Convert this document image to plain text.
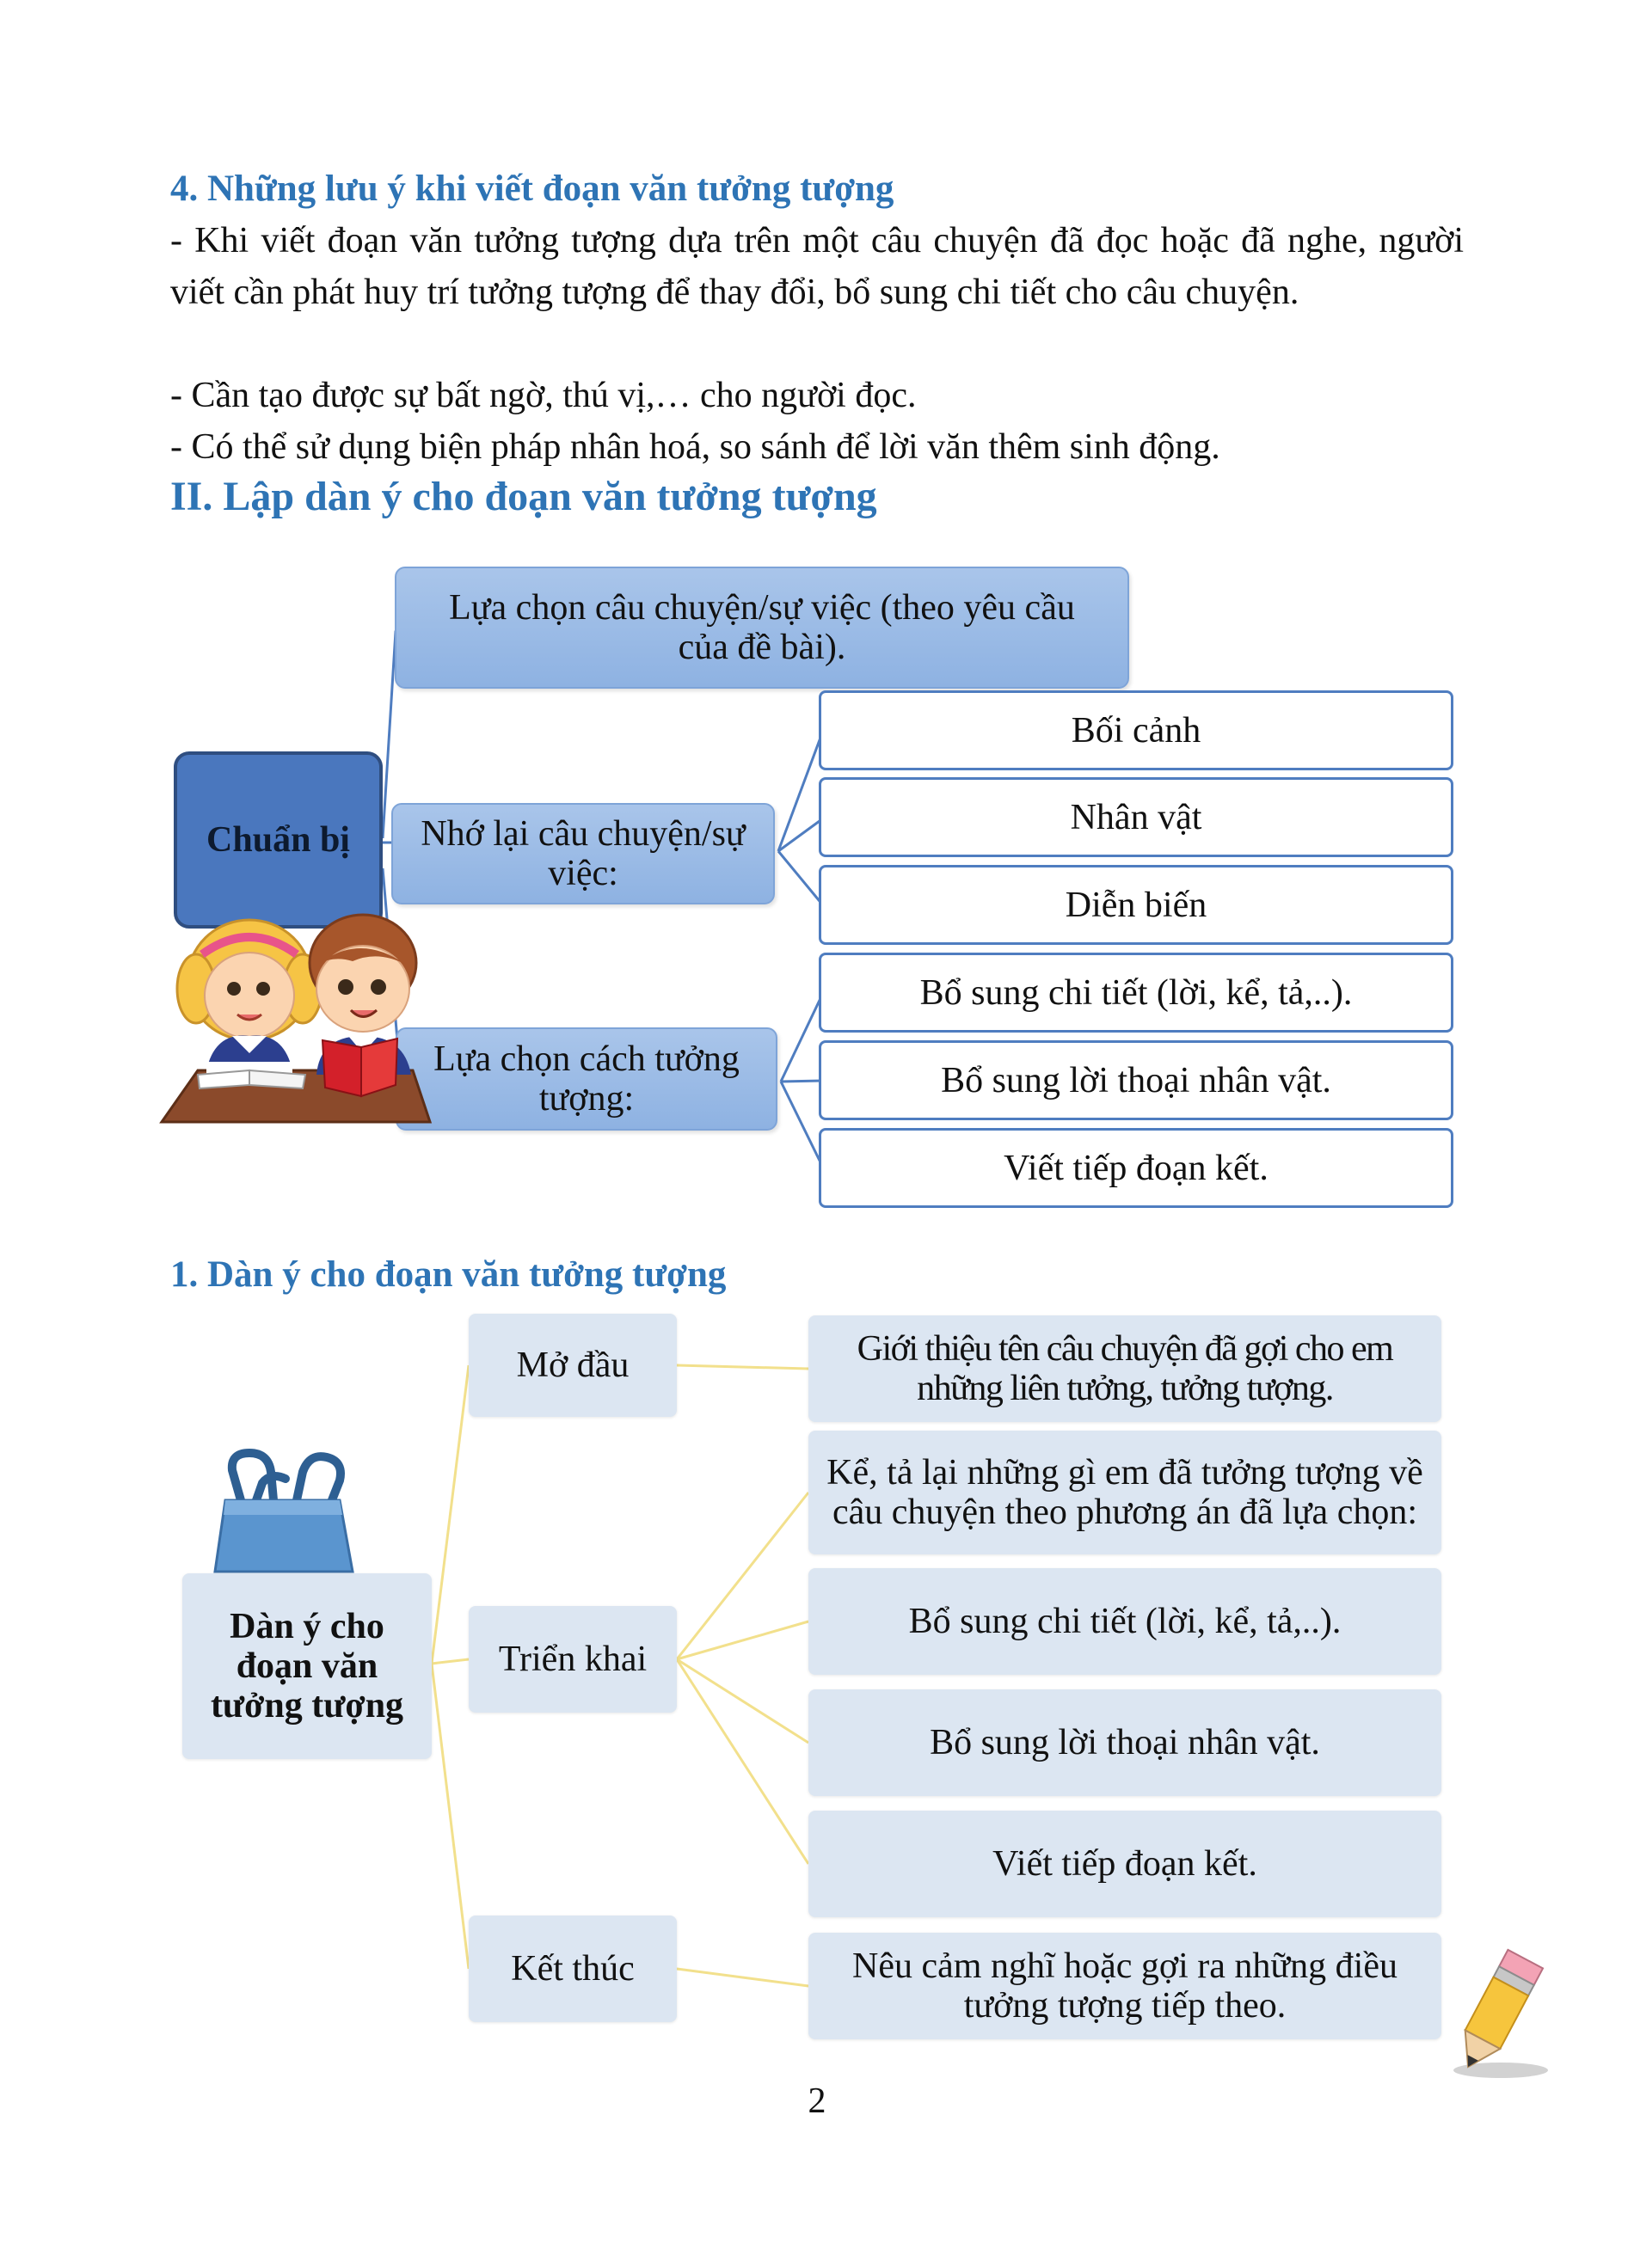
4. Những lưu ý khi viết đoạn văn tưởng tượng
- Khi viết đoạn văn tưởng tượng dựa trên một câu chuyện đã đọc hoặc đã nghe, người viết cần phát huy trí tưởng tượng để thay đổi, bổ sung chi tiết cho câu chuyện.
- Cần tạo được sự bất ngờ, thú vị,… cho người đọc.
- Có thể sử dụng biện pháp nhân hoá, so sánh để lời văn thêm sinh động.
II. Lập dàn ý cho đoạn văn tưởng tượng
Lựa chọn câu chuyện/sự việc (theo yêu cầu của đề bài).
Chuẩn bị	Nhớ lại câu chuyện/sự việc:
Lựa chọn cách tưởng tượng:
Bối cảnh
Nhân vật
Diễn biến
Bổ sung chi tiết (lời, kể, tả,..).
Bổ sung lời thoại nhân vật.
Viết tiếp đoạn kết.
1. Dàn ý cho đoạn văn tưởng tượng
Mở đầu
Triển khai
Kết thúc
Dàn ý cho đoạn văn tưởng tượng
Giới thiệu tên câu chuyện đã gợi cho em những liên tưởng, tưởng tượng.
Kể, tả lại những gì em đã tưởng tượng về câu chuyện theo phương án đã lựa chọn:
Bổ sung chi tiết (lời, kể, tả,..).
Bổ sung lời thoại nhân vật.
Viết tiếp đoạn kết.
Nêu cảm nghĩ hoặc gợi ra những điều tưởng tượng tiếp theo.
2
